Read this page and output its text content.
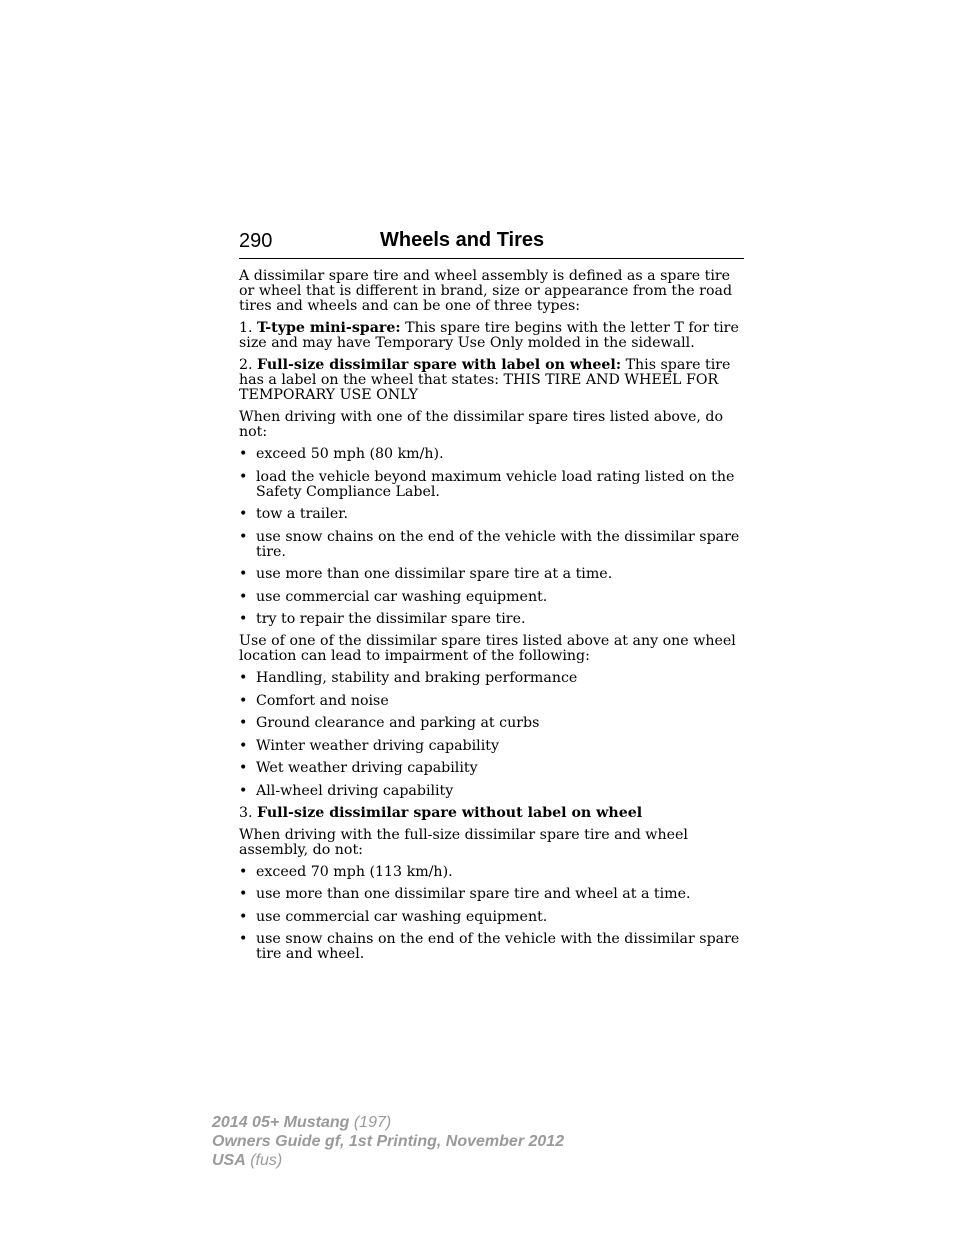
290	Wheels and Tires

A dissimilar spare tire and wheel assembly is defined as a spare tire or wheel that is different in brand, size or appearance from the road tires and wheels and can be one of three types:

1. T-type mini-spare: This spare tire begins with the letter T for tire size and may have Temporary Use Only molded in the sidewall.

2. Full-size dissimilar spare with label on wheel: This spare tire has a label on the wheel that states: THIS TIRE AND WHEEL FOR TEMPORARY USE ONLY

When driving with one of the dissimilar spare tires listed above, do not:

• exceed 50 mph (80 km/h).
• load the vehicle beyond maximum vehicle load rating listed on the Safety Compliance Label.
• tow a trailer.
• use snow chains on the end of the vehicle with the dissimilar spare tire.
• use more than one dissimilar spare tire at a time.
• use commercial car washing equipment.
• try to repair the dissimilar spare tire.

Use of one of the dissimilar spare tires listed above at any one wheel location can lead to impairment of the following:

• Handling, stability and braking performance
• Comfort and noise
• Ground clearance and parking at curbs
• Winter weather driving capability
• Wet weather driving capability
• All-wheel driving capability

3. Full-size dissimilar spare without label on wheel

When driving with the full-size dissimilar spare tire and wheel assembly, do not:

• exceed 70 mph (113 km/h).
• use more than one dissimilar spare tire and wheel at a time.
• use commercial car washing equipment.
• use snow chains on the end of the vehicle with the dissimilar spare tire and wheel.
2014 05+ Mustang (197)
Owners Guide gf, 1st Printing, November 2012
USA (fus)
